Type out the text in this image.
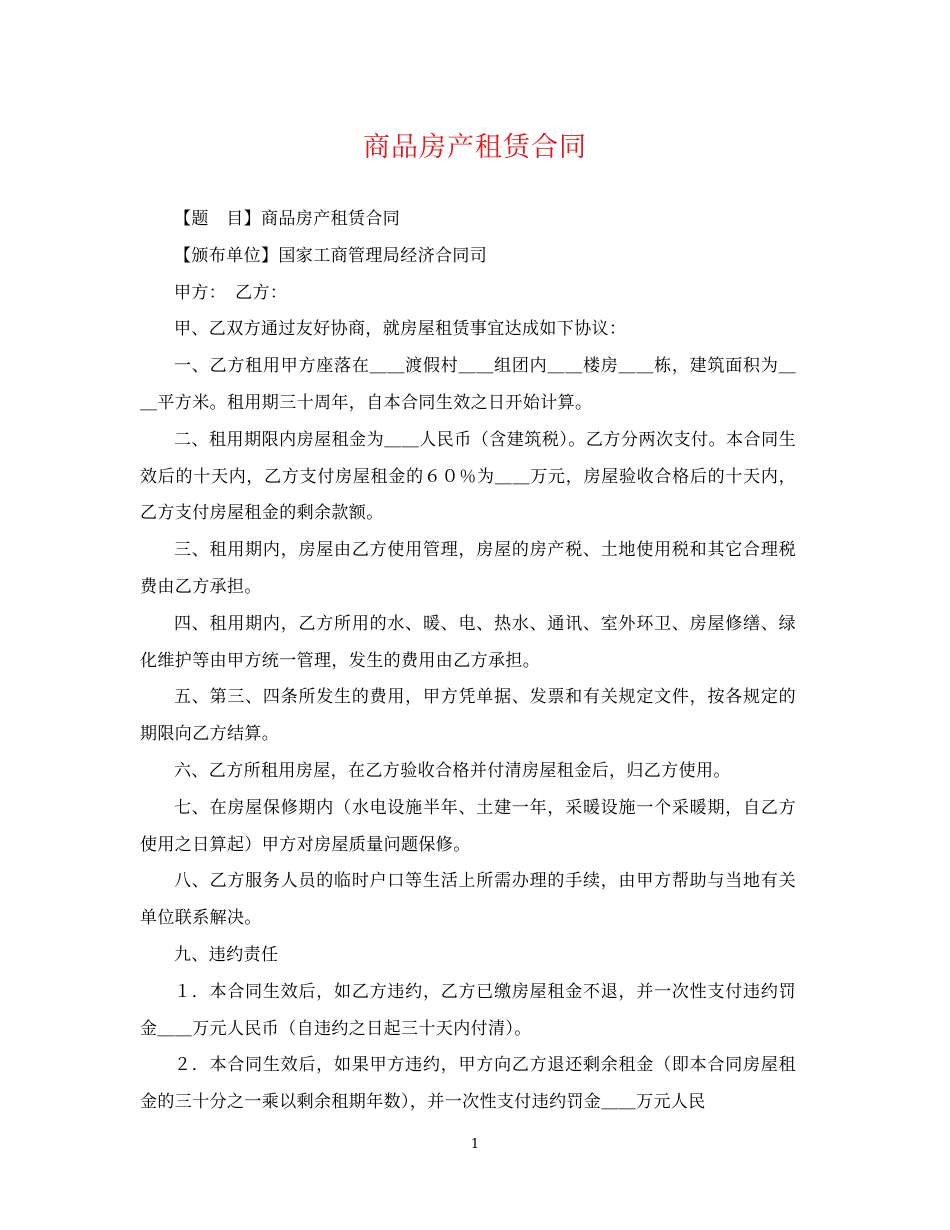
商品房产租赁合同

【题　目】商品房产租赁合同

【颁布单位】国家工商管理局经济合同司

甲方：　乙方：

甲、乙双方通过友好协商，就房屋租赁事宜达成如下协议：

一、乙方租用甲方座落在＿＿渡假村＿＿组团内＿＿楼房＿＿栋，建筑面积为＿＿平方米。租用期三十周年，自本合同生效之日开始计算。

二、租用期限内房屋租金为＿＿人民币（含建筑税）。乙方分两次支付。本合同生效后的十天内，乙方支付房屋租金的６０％为＿＿万元，房屋验收合格后的十天内，乙方支付房屋租金的剩余款额。

三、租用期内，房屋由乙方使用管理，房屋的房产税、土地使用税和其它合理税费由乙方承担。

四、租用期内，乙方所用的水、暖、电、热水、通讯、室外环卫、房屋修缮、绿化维护等由甲方统一管理，发生的费用由乙方承担。

五、第三、四条所发生的费用，甲方凭单据、发票和有关规定文件，按各规定的期限向乙方结算。

六、乙方所租用房屋，在乙方验收合格并付清房屋租金后，归乙方使用。

七、在房屋保修期内（水电设施半年、土建一年，采暖设施一个采暖期，自乙方使用之日算起）甲方对房屋质量问题保修。

八、乙方服务人员的临时户口等生活上所需办理的手续，由甲方帮助与当地有关单位联系解决。

九、违约责任

１．本合同生效后，如乙方违约，乙方已缴房屋租金不退，并一次性支付违约罚金＿＿万元人民币（自违约之日起三十天内付清）。

２．本合同生效后，如果甲方违约，甲方向乙方退还剩余租金（即本合同房屋租金的三十分之一乘以剩余租期年数），并一次性支付违约罚金＿＿万元人民

1
